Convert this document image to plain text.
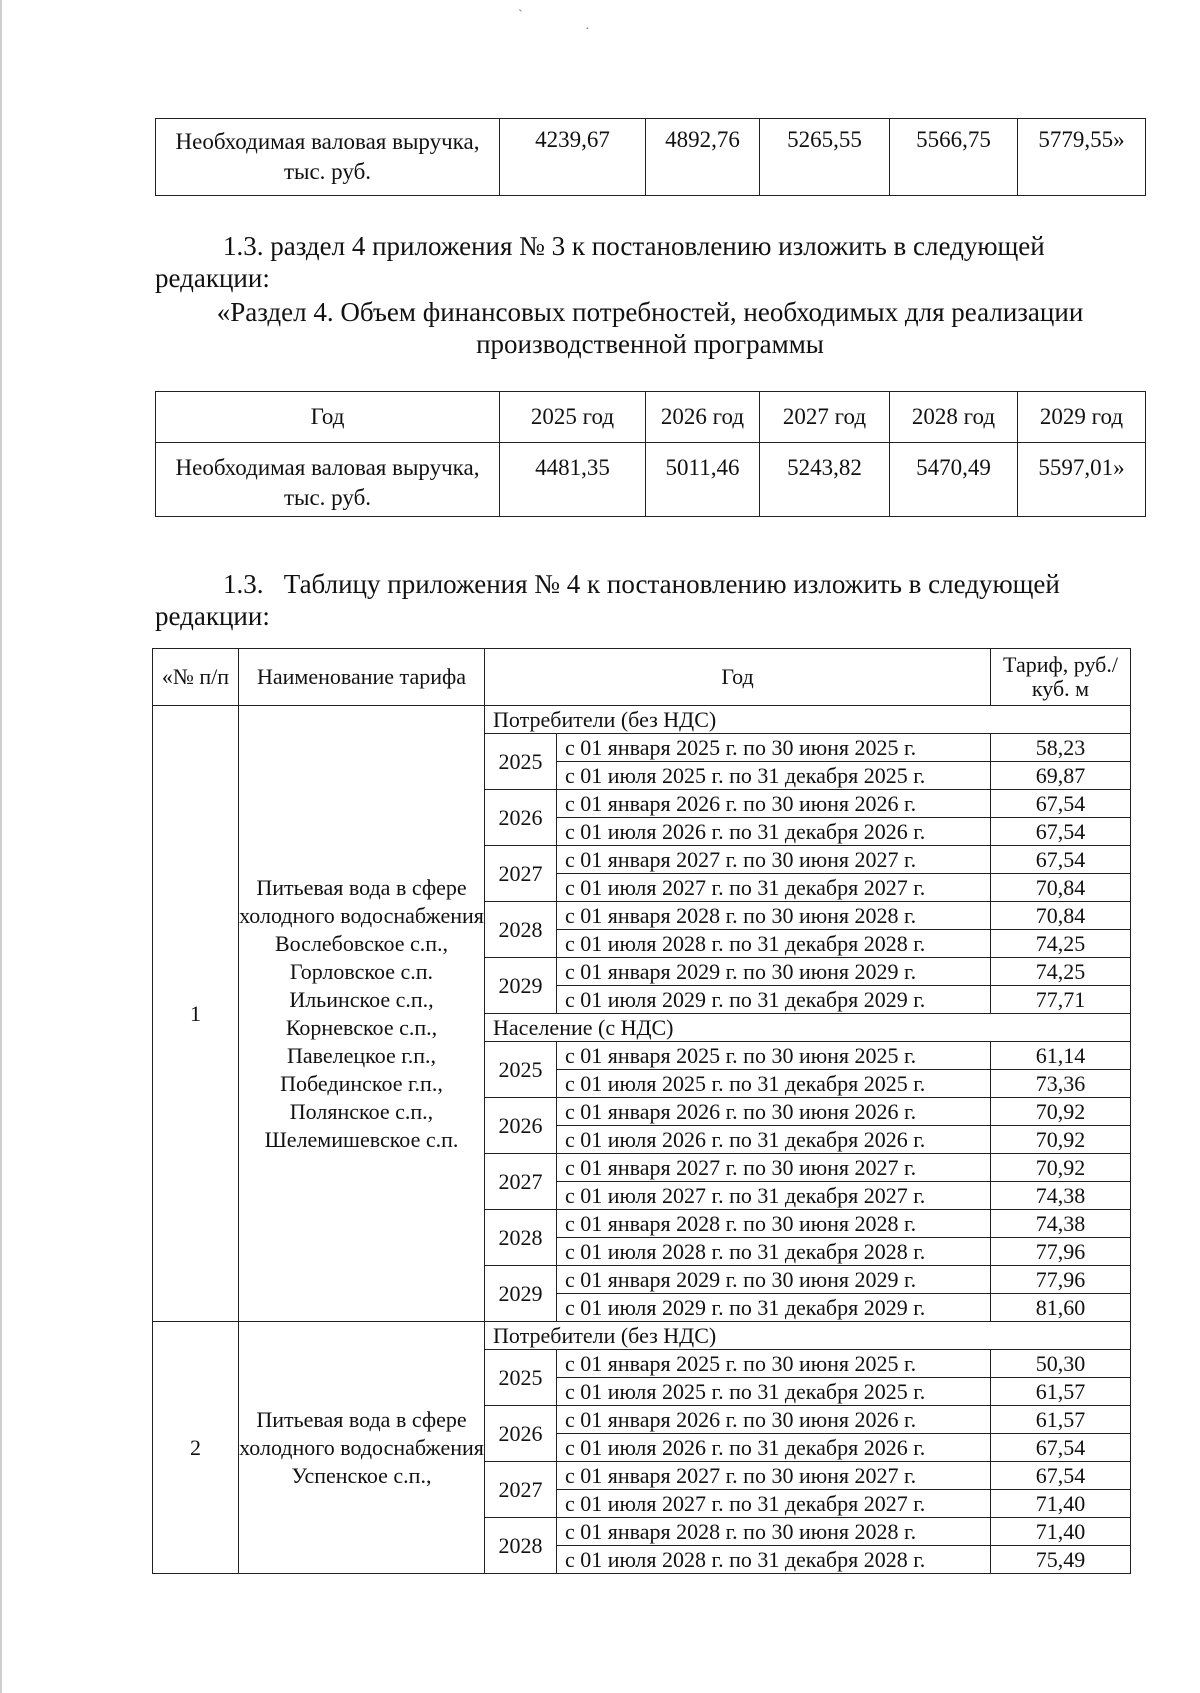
`
·
Необходимая валовая выручка, тыс. руб.	4239,67	4892,76	5265,55	5566,75	5779,55»
1.3. раздел 4 приложения № 3 к постановлению изложить в следующей
редакции:
«Раздел 4. Объем финансовых потребностей, необходимых для реализации
производственной программы
Год	2025 год	2026 год	2027 год	2028 год	2029 год
Необходимая валовая выручка, тыс. руб.	4481,35	5011,46	5243,82	5470,49	5597,01»
1.3.   Таблицу приложения № 4 к постановлению изложить в следующей
редакции:
«№ п/п	Наименование тарифа	Год		Тариф, руб./куб. м
1	Питьевая вода в сфере холодного водоснабжения Вослебовское с.п., Горловское с.п. Ильинское с.п., Корневское с.п., Павелецкое г.п., Побединское г.п., Полянское с.п., Шелемишевское с.п.	Потребители (без НДС)		
		2025	с 01 января 2025 г. по 30 июня 2025 г.	58,23
			с 01 июля 2025 г. по 31 декабря 2025 г.	69,87
		2026	с 01 января 2026 г. по 30 июня 2026 г.	67,54
			с 01 июля 2026 г. по 31 декабря 2026 г.	67,54
		2027	с 01 января 2027 г. по 30 июня 2027 г.	67,54
			с 01 июля 2027 г. по 31 декабря 2027 г.	70,84
		2028	с 01 января 2028 г. по 30 июня 2028 г.	70,84
			с 01 июля 2028 г. по 31 декабря 2028 г.	74,25
		2029	с 01 января 2029 г. по 30 июня 2029 г.	74,25
			с 01 июля 2029 г. по 31 декабря 2029 г.	77,71
		Население (с НДС)		
		2025	с 01 января 2025 г. по 30 июня 2025 г.	61,14
			с 01 июля 2025 г. по 31 декабря 2025 г.	73,36
		2026	с 01 января 2026 г. по 30 июня 2026 г.	70,92
			с 01 июля 2026 г. по 31 декабря 2026 г.	70,92
		2027	с 01 января 2027 г. по 30 июня 2027 г.	70,92
			с 01 июля 2027 г. по 31 декабря 2027 г.	74,38
		2028	с 01 января 2028 г. по 30 июня 2028 г.	74,38
			с 01 июля 2028 г. по 31 декабря 2028 г.	77,96
		2029	с 01 января 2029 г. по 30 июня 2029 г.	77,96
			с 01 июля 2029 г. по 31 декабря 2029 г.	81,60
2	Питьевая вода в сфере холодного водоснабжения Успенское с.п.,	Потребители (без НДС)		
		2025	с 01 января 2025 г. по 30 июня 2025 г.	50,30
			с 01 июля 2025 г. по 31 декабря 2025 г.	61,57
		2026	с 01 января 2026 г. по 30 июня 2026 г.	61,57
			с 01 июля 2026 г. по 31 декабря 2026 г.	67,54
		2027	с 01 января 2027 г. по 30 июня 2027 г.	67,54
			с 01 июля 2027 г. по 31 декабря 2027 г.	71,40
		2028	с 01 января 2028 г. по 30 июня 2028 г.	71,40
			с 01 июля 2028 г. по 31 декабря 2028 г.	75,49
